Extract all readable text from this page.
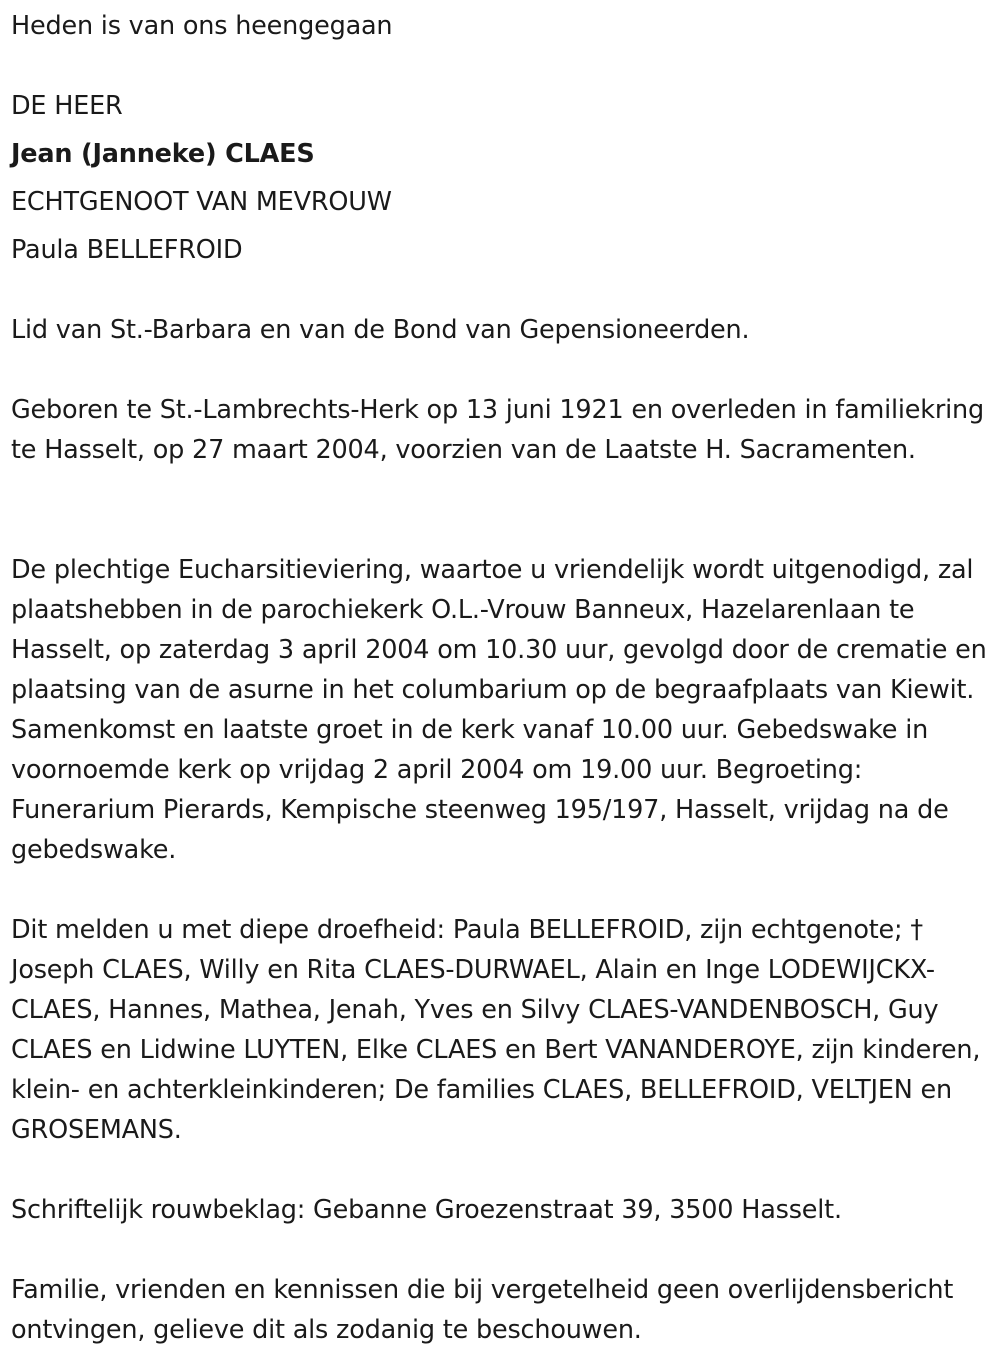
Heden is van ons heengegaan
DE HEER
Jean (Janneke) CLAES
ECHTGENOOT VAN MEVROUW
Paula BELLEFROID
Lid van St.-Barbara en van de Bond van Gepensioneerden.
Geboren te St.-Lambrechts-Herk op 13 juni 1921 en overleden in familiekring te Hasselt, op 27 maart 2004, voorzien van de Laatste H. Sacramenten.
De plechtige Eucharsitieviering, waartoe u vriendelijk wordt uitgenodigd, zal plaatshebben in de parochiekerk O.L.-Vrouw Banneux, Hazelarenlaan te Hasselt, op zaterdag 3 april 2004 om 10.30 uur, gevolgd door de crematie en plaatsing van de asurne in het columbarium op de begraafplaats van Kiewit. Samenkomst en laatste groet in de kerk vanaf 10.00 uur. Gebedswake in voornoemde kerk op vrijdag 2 april 2004 om 19.00 uur. Begroeting: Funerarium Pierards, Kempische steenweg 195/197, Hasselt, vrijdag na de gebedswake.
Dit melden u met diepe droefheid: Paula BELLEFROID, zijn echtgenote; † Joseph CLAES, Willy en Rita CLAES-DURWAEL, Alain en Inge LODEWIJCKX-CLAES, Hannes, Mathea, Jenah, Yves en Silvy CLAES-VANDENBOSCH, Guy CLAES en Lidwine LUYTEN, Elke CLAES en Bert VANANDEROYE, zijn kinderen, klein- en achterkleinkinderen; De families CLAES, BELLEFROID, VELTJEN en GROSEMANS.
Schriftelijk rouwbeklag: Gebanne Groezenstraat 39, 3500 Hasselt.
Familie, vrienden en kennissen die bij vergetelheid geen overlijdensbericht ontvingen, gelieve dit als zodanig te beschouwen.
